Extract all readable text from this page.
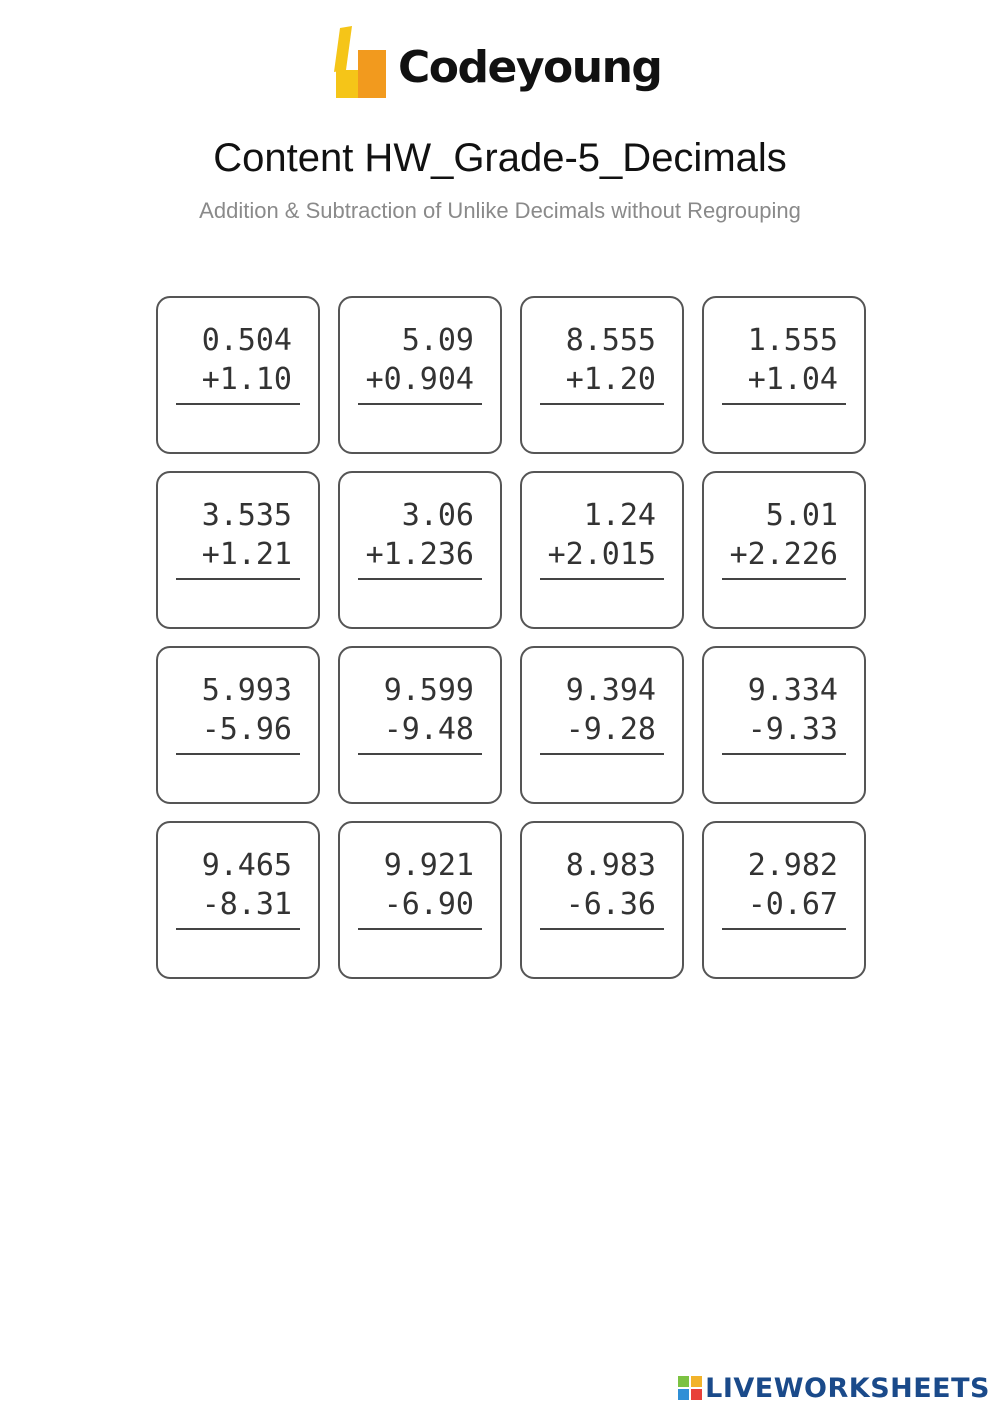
Codeyoung
Content HW_Grade-5_Decimals
Addition & Subtraction of Unlike Decimals without Regrouping
0.504
+1.10
5.09
+0.904
8.555
+1.20
1.555
+1.04
3.535
+1.21
3.06
+1.236
1.24
+2.015
5.01
+2.226
5.993
-5.96
9.599
-9.48
9.394
-9.28
9.334
-9.33
9.465
-8.31
9.921
-6.90
8.983
-6.36
2.982
-0.67
LIVEWORKSHEETS
